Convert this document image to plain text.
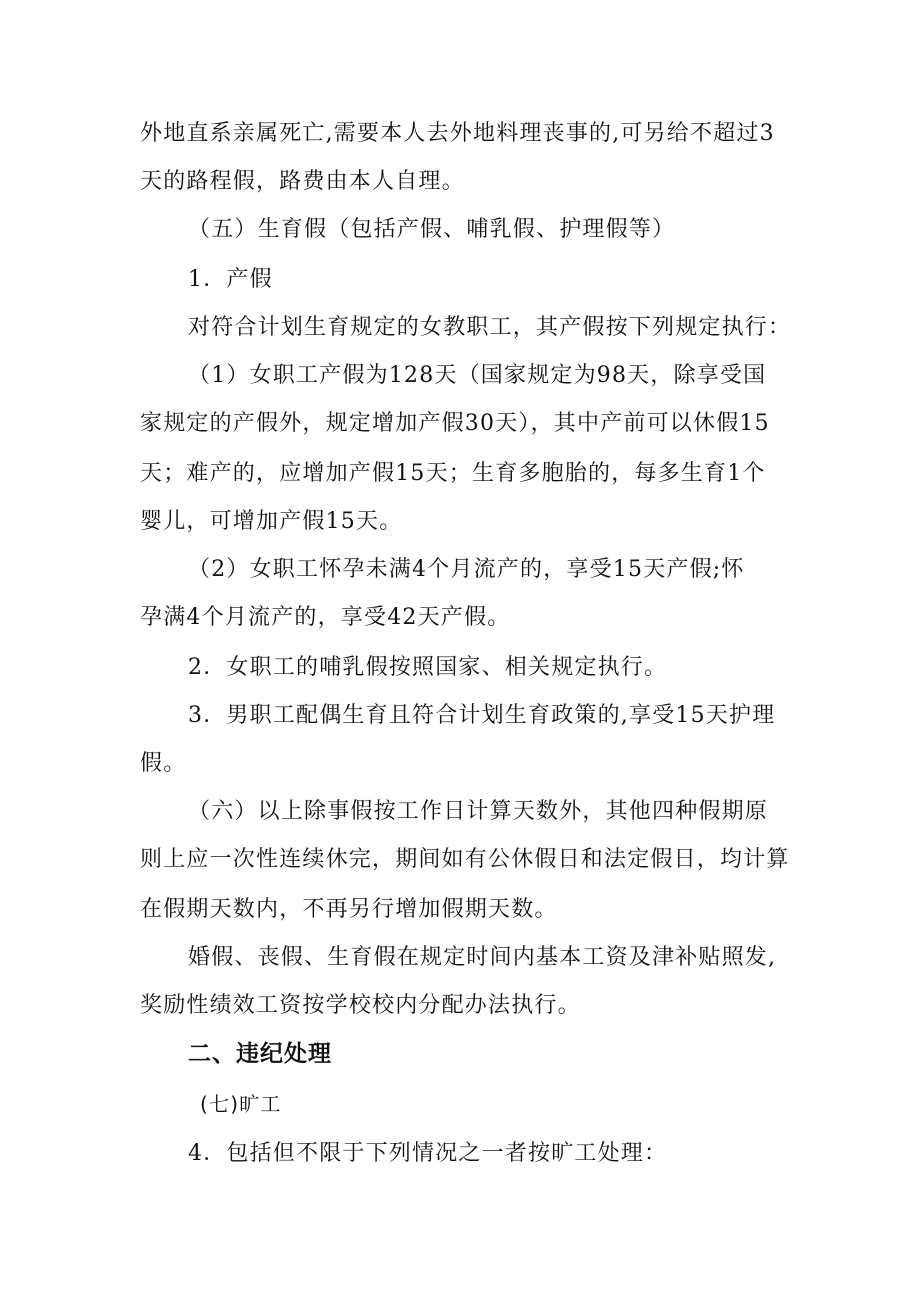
外地直系亲属死亡,需要本人去外地料理丧事的,可另给不超过3
天的路程假，路费由本人自理。
（五）生育假（包括产假、哺乳假、护理假等）
1．产假
对符合计划生育规定的女教职工，其产假按下列规定执行：
（1）女职工产假为128天（国家规定为98天，除享受国
家规定的产假外，规定增加产假30天），其中产前可以休假15
天；难产的，应增加产假15天；生育多胞胎的，每多生育1个
婴儿，可增加产假15天。
（2）女职工怀孕未满4个月流产的，享受15天产假;怀
孕满4个月流产的，享受42天产假。
2．女职工的哺乳假按照国家、相关规定执行。
3．男职工配偶生育且符合计划生育政策的,享受15天护理
假。
（六）以上除事假按工作日计算天数外，其他四种假期原
则上应一次性连续休完，期间如有公休假日和法定假日，均计算
在假期天数内，不再另行增加假期天数。
婚假、丧假、生育假在规定时间内基本工资及津补贴照发,
奖励性绩效工资按学校校内分配办法执行。
二、违纪处理
(七)旷工
4．包括但不限于下列情况之一者按旷工处理：
